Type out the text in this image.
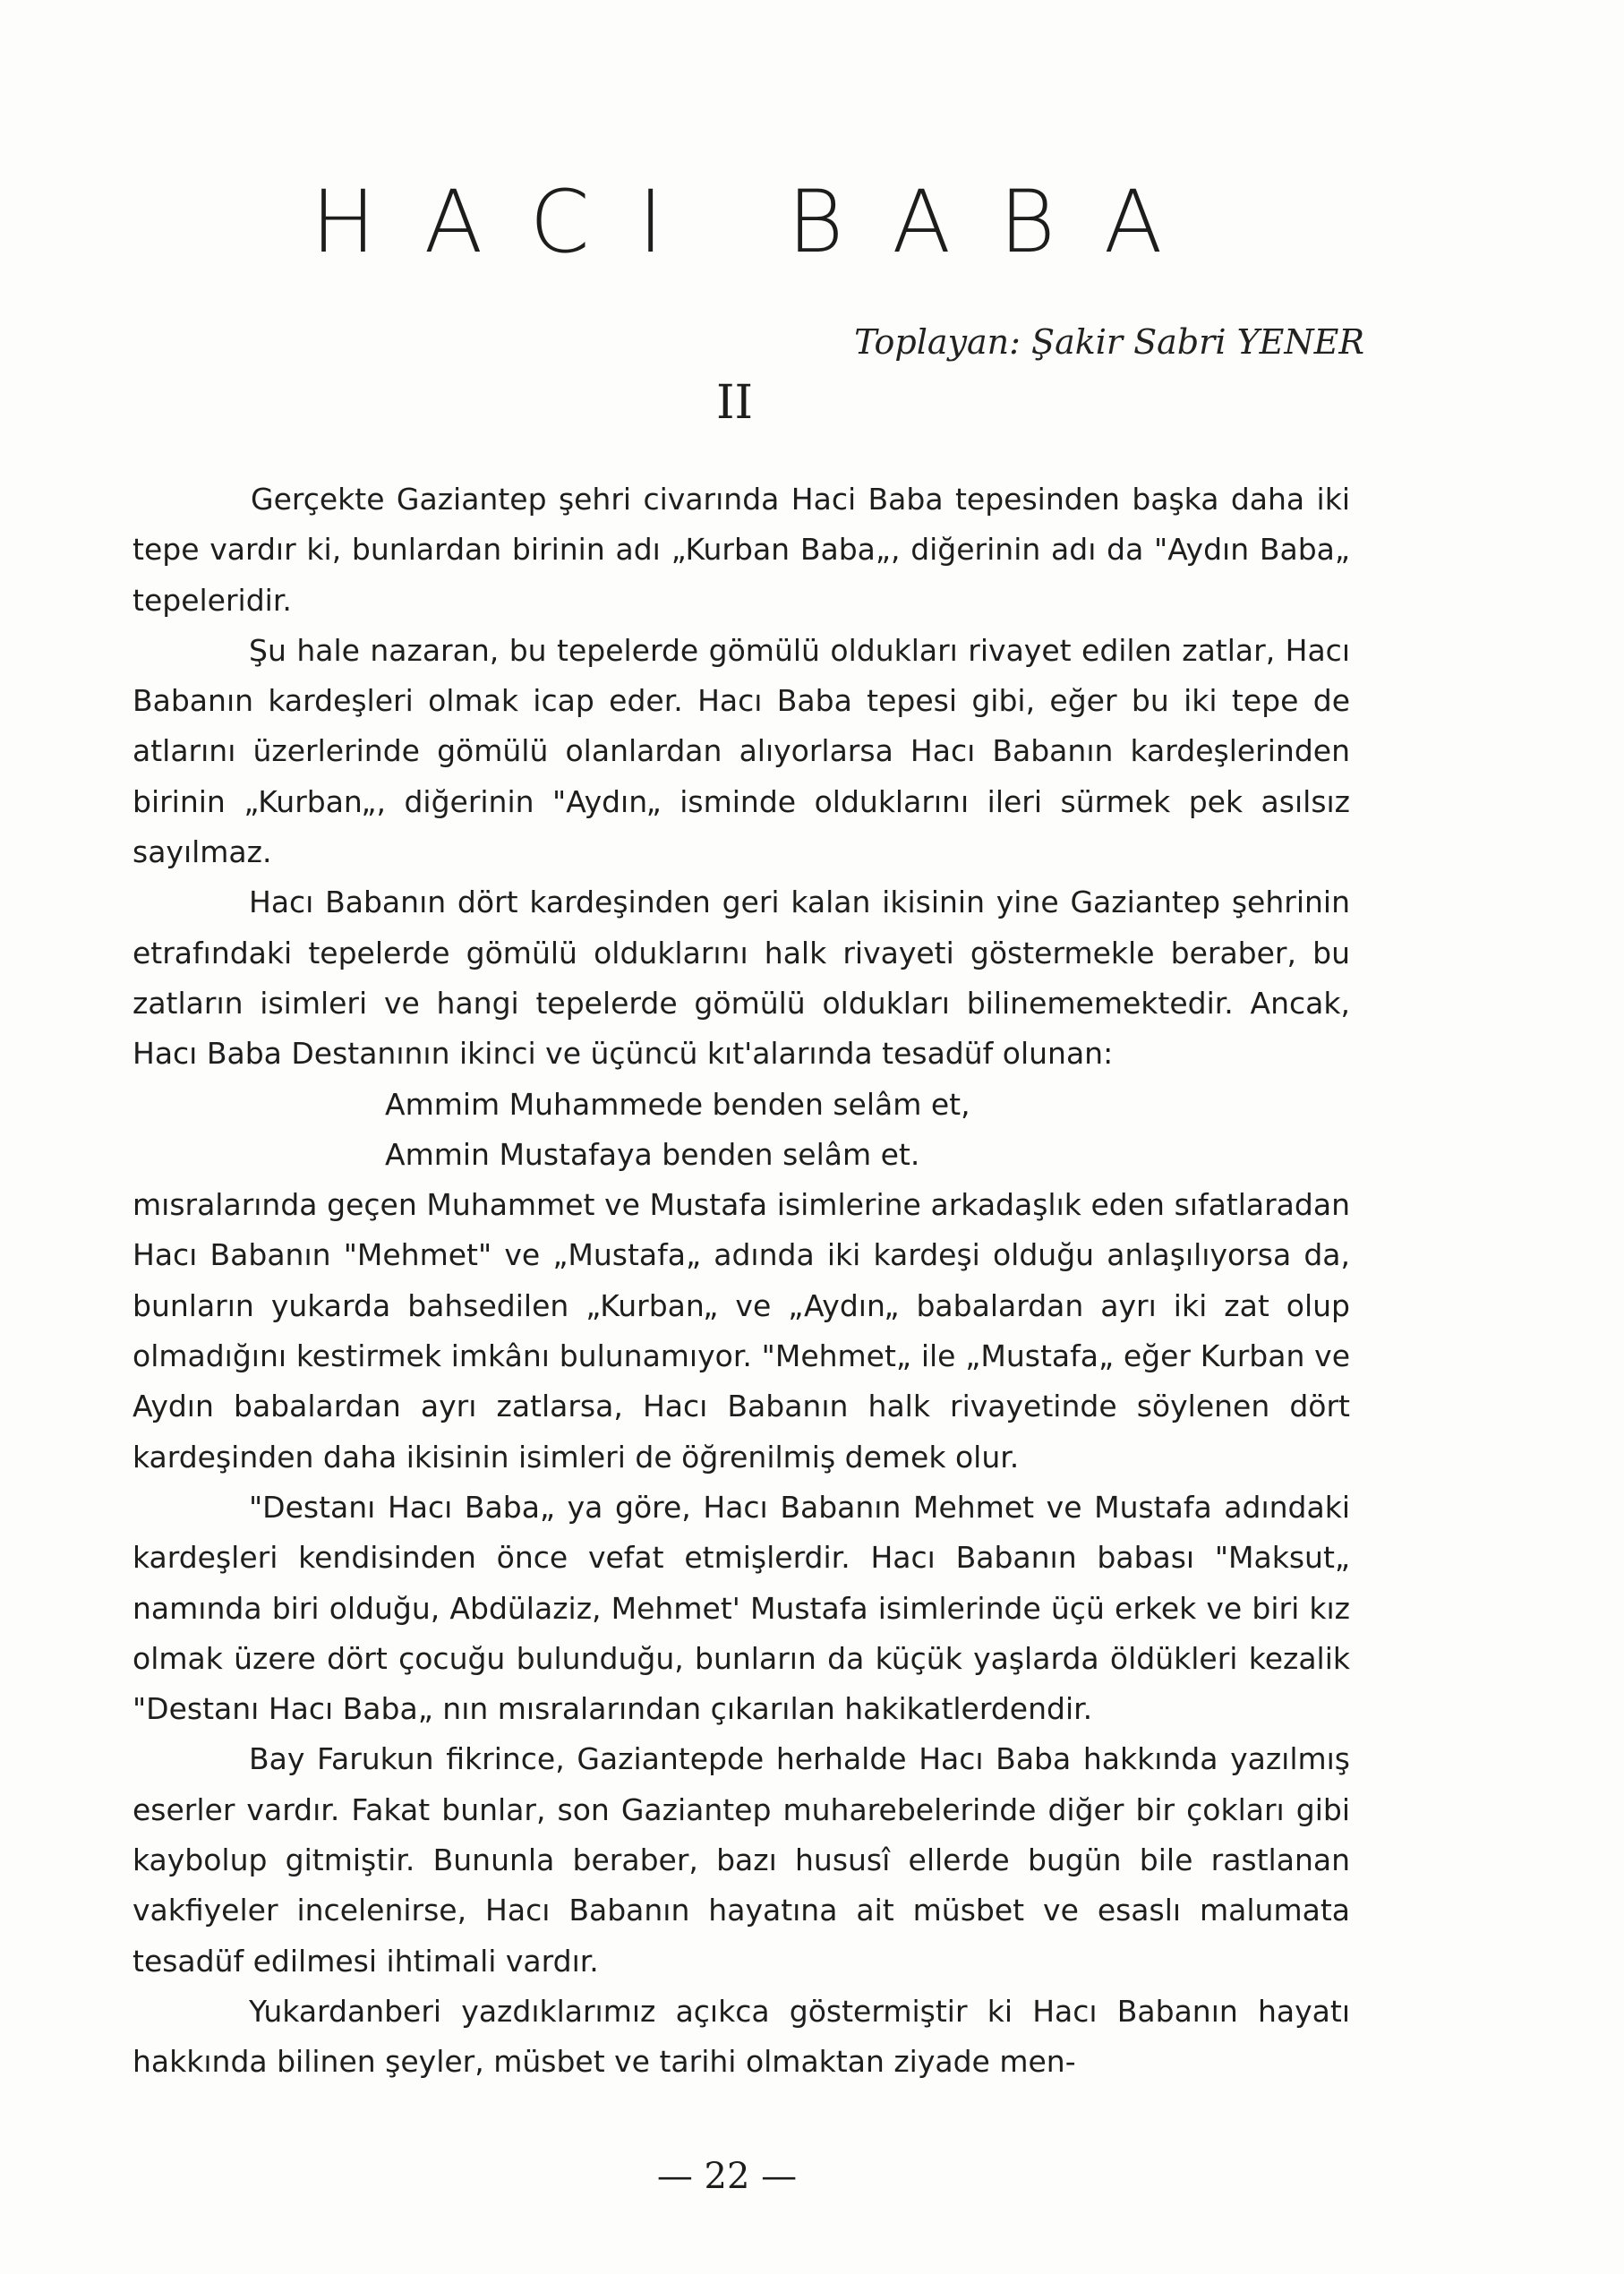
HACI BABA
Toplayan: Şakir Sabri YENER
II

Gerçekte Gaziantep şehri civarında Haci Baba tepesinden başka daha iki tepe vardır ki, bunlardan birinin adı „Kurban Baba„, diğerinin adı da "Aydın Baba„ tepeleridir.

Şu hale nazaran, bu tepelerde gömülü oldukları rivayet edilen zatlar, Hacı Babanın kardeşleri olmak icap eder. Hacı Baba tepesi gibi, eğer bu iki tepe de atlarını üzerlerinde gömülü olanlardan alıyorlarsa Hacı Babanın kardeşlerinden birinin „Kurban„, diğerinin "Aydın„ isminde olduklarını ileri sürmek pek asılsız sayılmaz.

Hacı Babanın dört kardeşinden geri kalan ikisinin yine Gaziantep şehrinin etrafındaki tepelerde gömülü olduklarını halk rivayeti göstermekle beraber, bu zatların isimleri ve hangi tepelerde gömülü oldukları bilinememektedir. Ancak, Hacı Baba Destanının ikinci ve üçüncü kıt'alarında tesadüf olunan:

Ammim Muhammede benden selâm et,

Ammin Mustafaya benden selâm et.

mısralarında geçen Muhammet ve Mustafa isimlerine arkadaşlık eden sıfatlaradan Hacı Babanın "Mehmet" ve „Mustafa„ adında iki kardeşi olduğu anlaşılıyorsa da, bunların yukarda bahsedilen „Kurban„ ve „Aydın„ babalardan ayrı iki zat olup olmadığını kestirmek imkânı bulunamıyor. "Mehmet„ ile „Mustafa„ eğer Kurban ve Aydın babalardan ayrı zatlarsa, Hacı Babanın halk rivayetinde söylenen dört kardeşinden daha ikisinin isimleri de öğrenilmiş demek olur.

"Destanı Hacı Baba„ ya göre, Hacı Babanın Mehmet ve Mustafa adındaki kardeşleri kendisinden önce vefat etmişlerdir. Hacı Babanın babası "Maksut„ namında biri olduğu, Abdülaziz, Mehmet' Mustafa isimlerinde üçü erkek ve biri kız olmak üzere dört çocuğu bulunduğu, bunların da küçük yaşlarda öldükleri kezalik "Destanı Hacı Baba„ nın mısralarından çıkarılan hakikatlerdendir.

Bay Farukun fikrince, Gaziantepde herhalde Hacı Baba hakkında yazılmış eserler vardır. Fakat bunlar, son Gaziantep muharebelerinde diğer bir çokları gibi kaybolup gitmiştir. Bununla beraber, bazı hususî ellerde bugün bile rastlanan vakfiyeler incelenirse, Hacı Babanın hayatına ait müsbet ve esaslı malumata tesadüf edilmesi ihtimali vardır.

Yukardanberi yazdıklarımız açıkca göstermiştir ki Hacı Babanın hayatı hakkında bilinen şeyler, müsbet ve tarihi olmaktan ziyade men-

— 22 —
